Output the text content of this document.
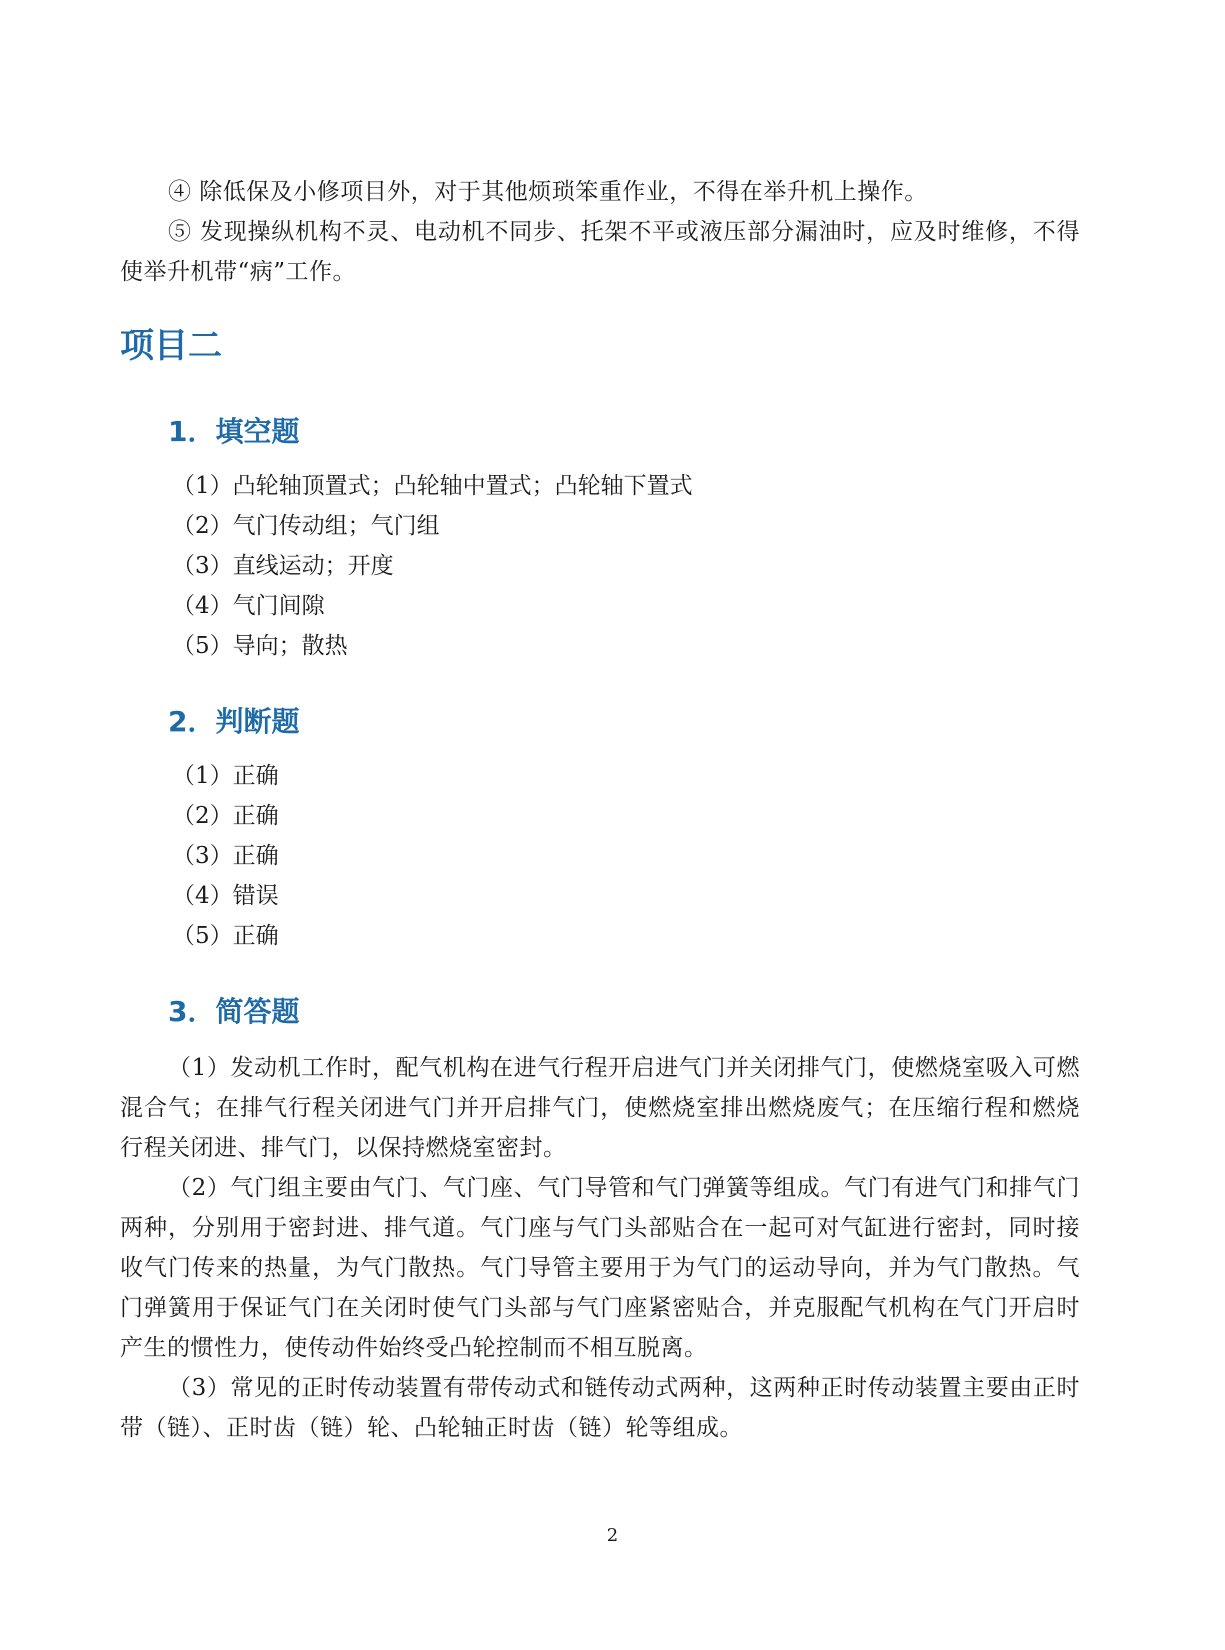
④ 除低保及小修项目外，对于其他烦琐笨重作业，不得在举升机上操作。

⑤ 发现操纵机构不灵、电动机不同步、托架不平或液压部分漏油时，应及时维修，不得使举升机带“病”工作。

项目二
1．填空题

（1）凸轮轴顶置式；凸轮轴中置式；凸轮轴下置式

（2）气门传动组；气门组

（3）直线运动；开度

（4）气门间隙

（5）导向；散热

2．判断题

（1）正确

（2）正确

（3）正确

（4）错误

（5）正确

3．简答题

（1）发动机工作时，配气机构在进气行程开启进气门并关闭排气门，使燃烧室吸入可燃混合气；在排气行程关闭进气门并开启排气门，使燃烧室排出燃烧废气；在压缩行程和燃烧行程关闭进、排气门，以保持燃烧室密封。

（2）气门组主要由气门、气门座、气门导管和气门弹簧等组成。气门有进气门和排气门两种，分别用于密封进、排气道。气门座与气门头部贴合在一起可对气缸进行密封，同时接收气门传来的热量，为气门散热。气门导管主要用于为气门的运动导向，并为气门散热。气门弹簧用于保证气门在关闭时使气门头部与气门座紧密贴合，并克服配气机构在气门开启时产生的惯性力，使传动件始终受凸轮控制而不相互脱离。

（3）常见的正时传动装置有带传动式和链传动式两种，这两种正时传动装置主要由正时带（链）、正时齿（链）轮、凸轮轴正时齿（链）轮等组成。

2
